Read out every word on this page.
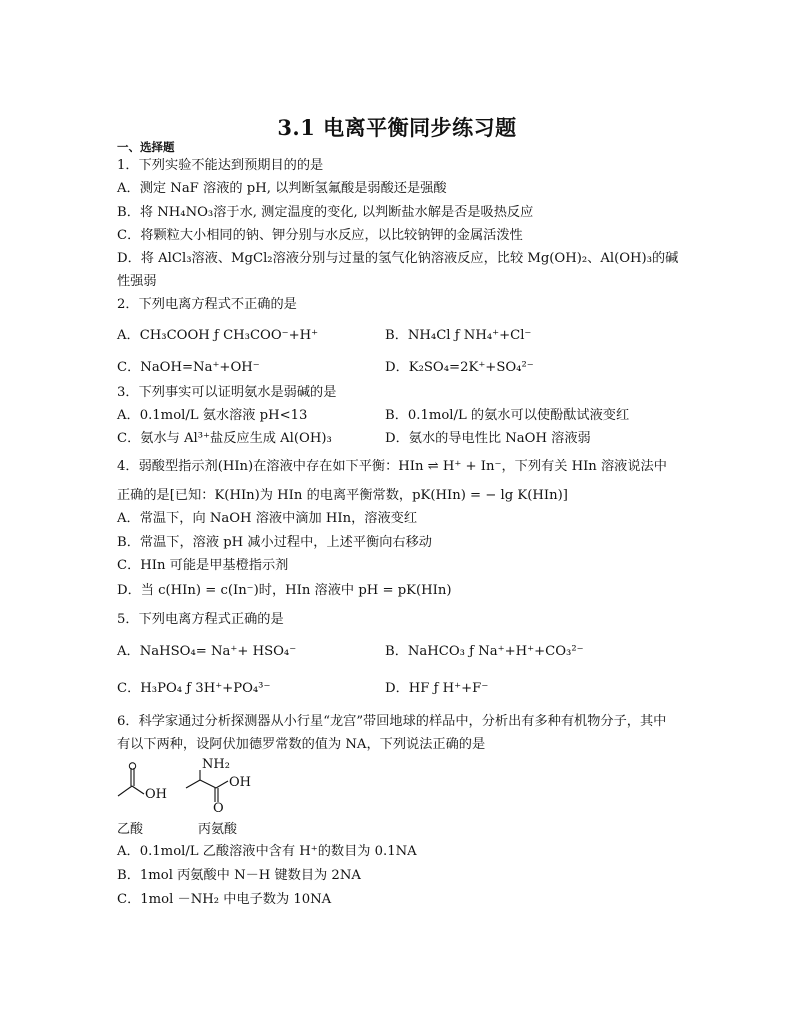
3.1 电离平衡同步练习题
一、选择题
1．下列实验不能达到预期目的的是
A．测定 NaF 溶液的 pH, 以判断氢氟酸是弱酸还是强酸
B．将 NH₄NO₃溶于水, 测定温度的变化, 以判断盐水解是否是吸热反应
C．将颗粒大小相同的钠、钾分别与水反应，以比较钠钾的金属活泼性
D．将 AlCl₃溶液、MgCl₂溶液分别与过量的氢气化钠溶液反应，比较 Mg(OH)₂、Al(OH)₃的碱
性强弱
2．下列电离方程式不正确的是
A．CH₃COOH ƒ CH₃COO⁻+H⁺	B．NH₄Cl ƒ NH₄⁺+Cl⁻
C．NaOH=Na⁺+OH⁻	D．K₂SO₄=2K⁺+SO₄²⁻
3．下列事实可以证明氨水是弱碱的是
A．0.1mol/L 氨水溶液 pH<13	B．0.1mol/L 的氨水可以使酚酞试液变红
C．氨水与 Al³⁺盐反应生成 Al(OH)₃	D．氨水的导电性比 NaOH 溶液弱
4．弱酸型指示剂(HIn)在溶液中存在如下平衡：HIn ⇌ H⁺ + In⁻，下列有关 HIn 溶液说法中
正确的是[已知：K(HIn)为 HIn 的电离平衡常数，pK(HIn) = − lg K(HIn)]
A．常温下，向 NaOH 溶液中滴加 HIn，溶液变红
B．常温下，溶液 pH 减小过程中，上述平衡向右移动
C．HIn 可能是甲基橙指示剂
D．当 c(HIn) = c(In⁻)时，HIn 溶液中 pH = pK(HIn)
5．下列电离方程式正确的是
A．NaHSO₄= Na⁺+ HSO₄⁻	B．NaHCO₃ ƒ Na⁺+H⁺+CO₃²⁻
C．H₃PO₄ ƒ 3H⁺+PO₄³⁻	D．HF ƒ H⁺+F⁻
6．科学家通过分析探测器从小行星“龙宫”带回地球的样品中，分析出有多种有机物分子，其中
有以下两种，设阿伏加德罗常数的值为 NA，下列说法正确的是
OH
乙酸
NH₂
OH
O
丙氨酸
A．0.1mol/L 乙酸溶液中含有 H⁺的数目为 0.1NA
B．1mol 丙氨酸中 N－H 键数目为 2NA
C．1mol －NH₂ 中电子数为 10NA
